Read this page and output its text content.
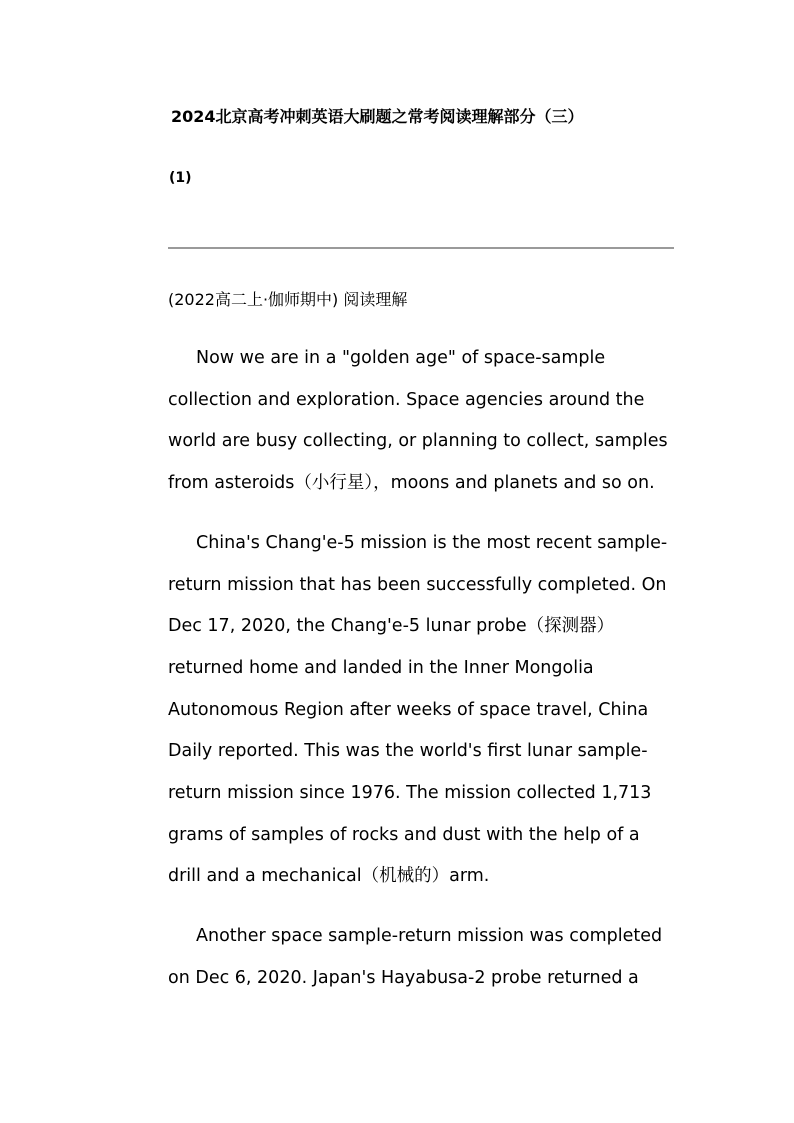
2024北京高考冲刺英语大刷题之常考阅读理解部分（三）
(1)
(2022高二上·伽师期中) 阅读理解

Now we are in a "golden age" of space-sample collection and exploration. Space agencies around the world are busy collecting, or planning to collect, samples from asteroids（小行星），moons and planets and so on.

China's Chang'e-5 mission is the most recent sample-return mission that has been successfully completed. On Dec 17, 2020, the Chang'e-5 lunar probe（探测器）returned home and landed in the Inner Mongolia Autonomous Region after weeks of space travel, China Daily reported. This was the world's first lunar sample-return mission since 1976. The mission collected 1,713 grams of samples of rocks and dust with the help of a drill and a mechanical（机械的）arm.

Another space sample-return mission was completed on Dec 6, 2020. Japan's Hayabusa-2 probe returned a
